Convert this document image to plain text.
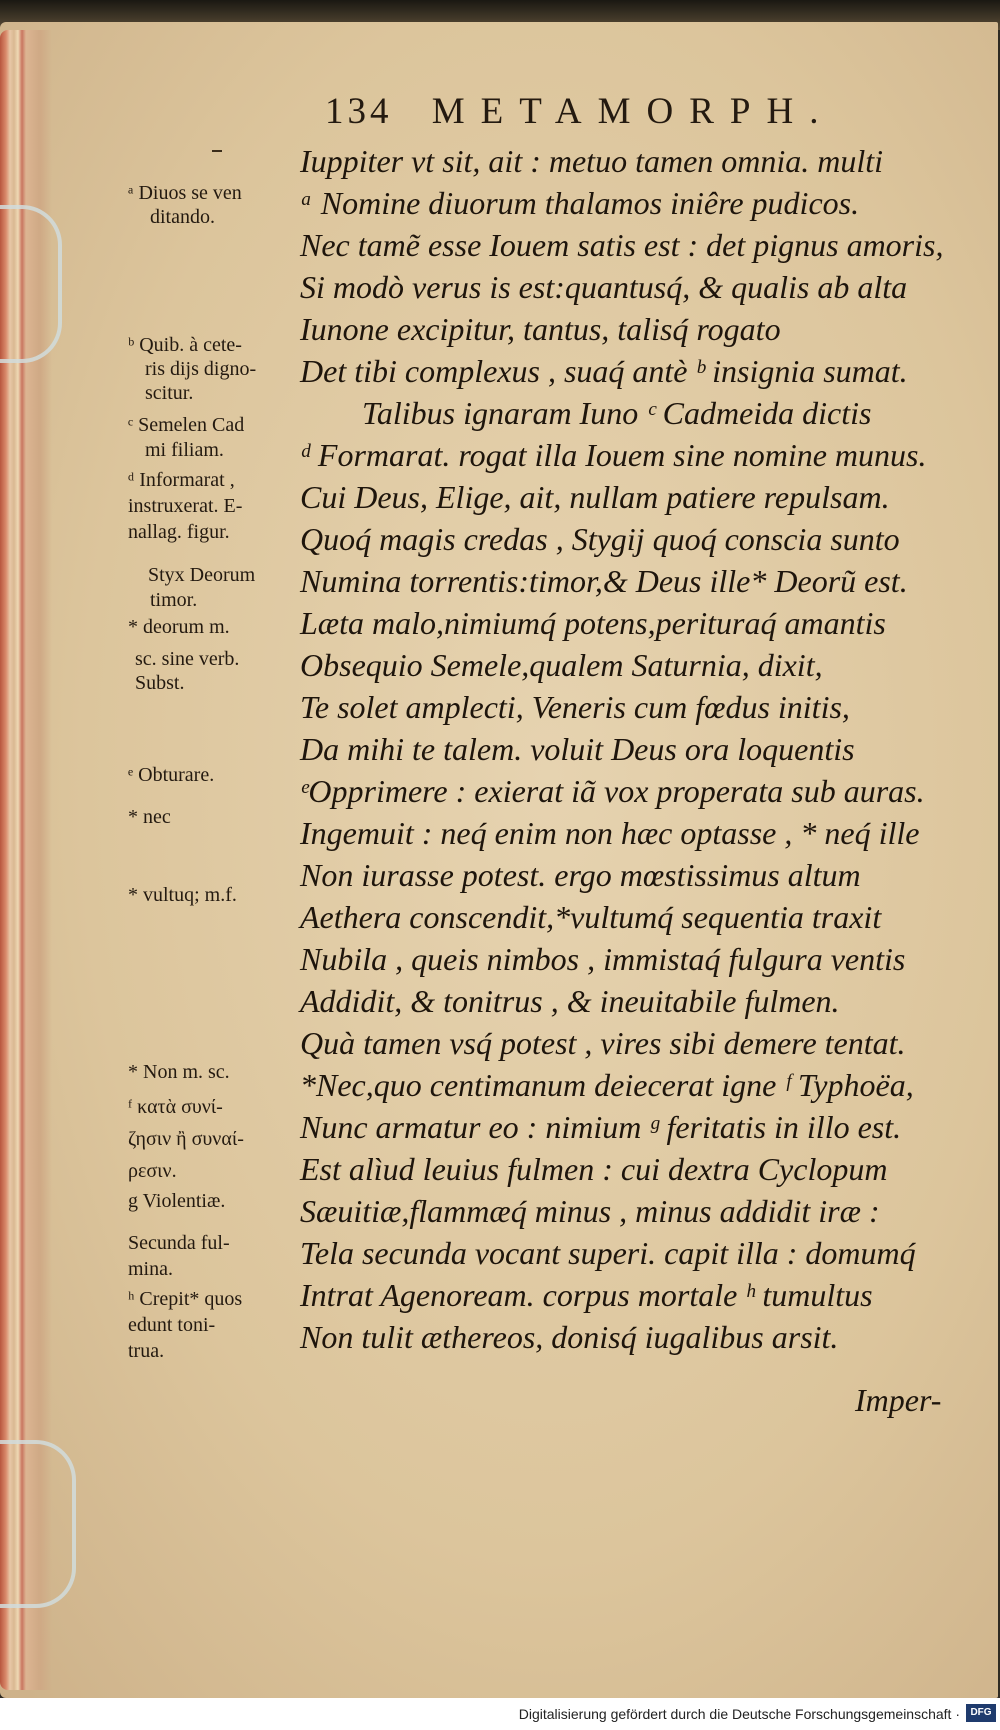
134 METAMORPH.
Iuppiter vt sit, ait : metuo tamen omnia. multi
ᵃ Nomine diuorum thalamos iniêre pudicos.
Nec tamẽ esse Iouem satis est : det pignus amoris,
Si modò verus is est:quantusq́, & qualis ab alta
Iunone excipitur, tantus, talisq́ rogato
Det tibi complexus , suaq́ antè ᵇ insignia sumat.
Talibus ignaram Iuno ᶜ Cadmeida dictis
ᵈ Formarat. rogat illa Iouem sine nomine munus.
Cui Deus, Elige, ait, nullam patiere repulsam.
Quoq́ magis credas , Stygij quoq́ conscia sunto
Numina torrentis:timor,& Deus ille* Deorũ est.
Læta malo,nimiumq́ potens,perituraq́ amantis
Obsequio Semele,qualem Saturnia, dixit,
Te solet amplecti, Veneris cum fœdus initis,
Da mihi te talem. voluit Deus ora loquentis
ᵉOpprimere : exierat iã vox properata sub auras.
Ingemuit : neq́ enim non hæc optasse , * neq́ ille
Non iurasse potest. ergo mœstissimus altum
Aethera conscendit,*vultumq́ sequentia traxit
Nubila , queis nimbos , immistaq́ fulgura ventis
Addidit, & tonitrus , & ineuitabile fulmen.
Quà tamen vsq́ potest , vires sibi demere tentat.
*Nec,quo centimanum deiecerat igne ᶠ Typhoëa,
Nunc armatur eo : nimium ᵍ feritatis in illo est.
Est alìud leuius fulmen : cui dextra Cyclopum
Sæuitiæ,flammæq́ minus , minus addidit iræ :
Tela secunda vocant superi. capit illa : domumq́
Intrat Agenoream. corpus mortale ʰ tumultus
Non tulit æthereos, donisq́ iugalibus arsit.
Imper-
ᵃ Diuos se ven
ditando.
ᵇ Quib. à cete-
ris dijs digno-
scitur.
ᶜ Semelen Cad
mi filiam.
ᵈ Informarat ,
instruxerat. E-
nallag. figur.
Styx Deorum
timor.
* deorum m.
sc. sine verb.
Subst.
ᵉ Obturare.
* nec
* vultuq; m.f.
* Non m. sc.
ᶠ κατὰ συνί-
ζησιν ἢ συναί-
ρεσιν.
g Violentiæ.
Secunda ful-
mina.
ʰ Crepit* quos
edunt toni-
trua.
Digitalisierung gefördert durch die Deutsche Forschungsgemeinschaft ·	DFG
